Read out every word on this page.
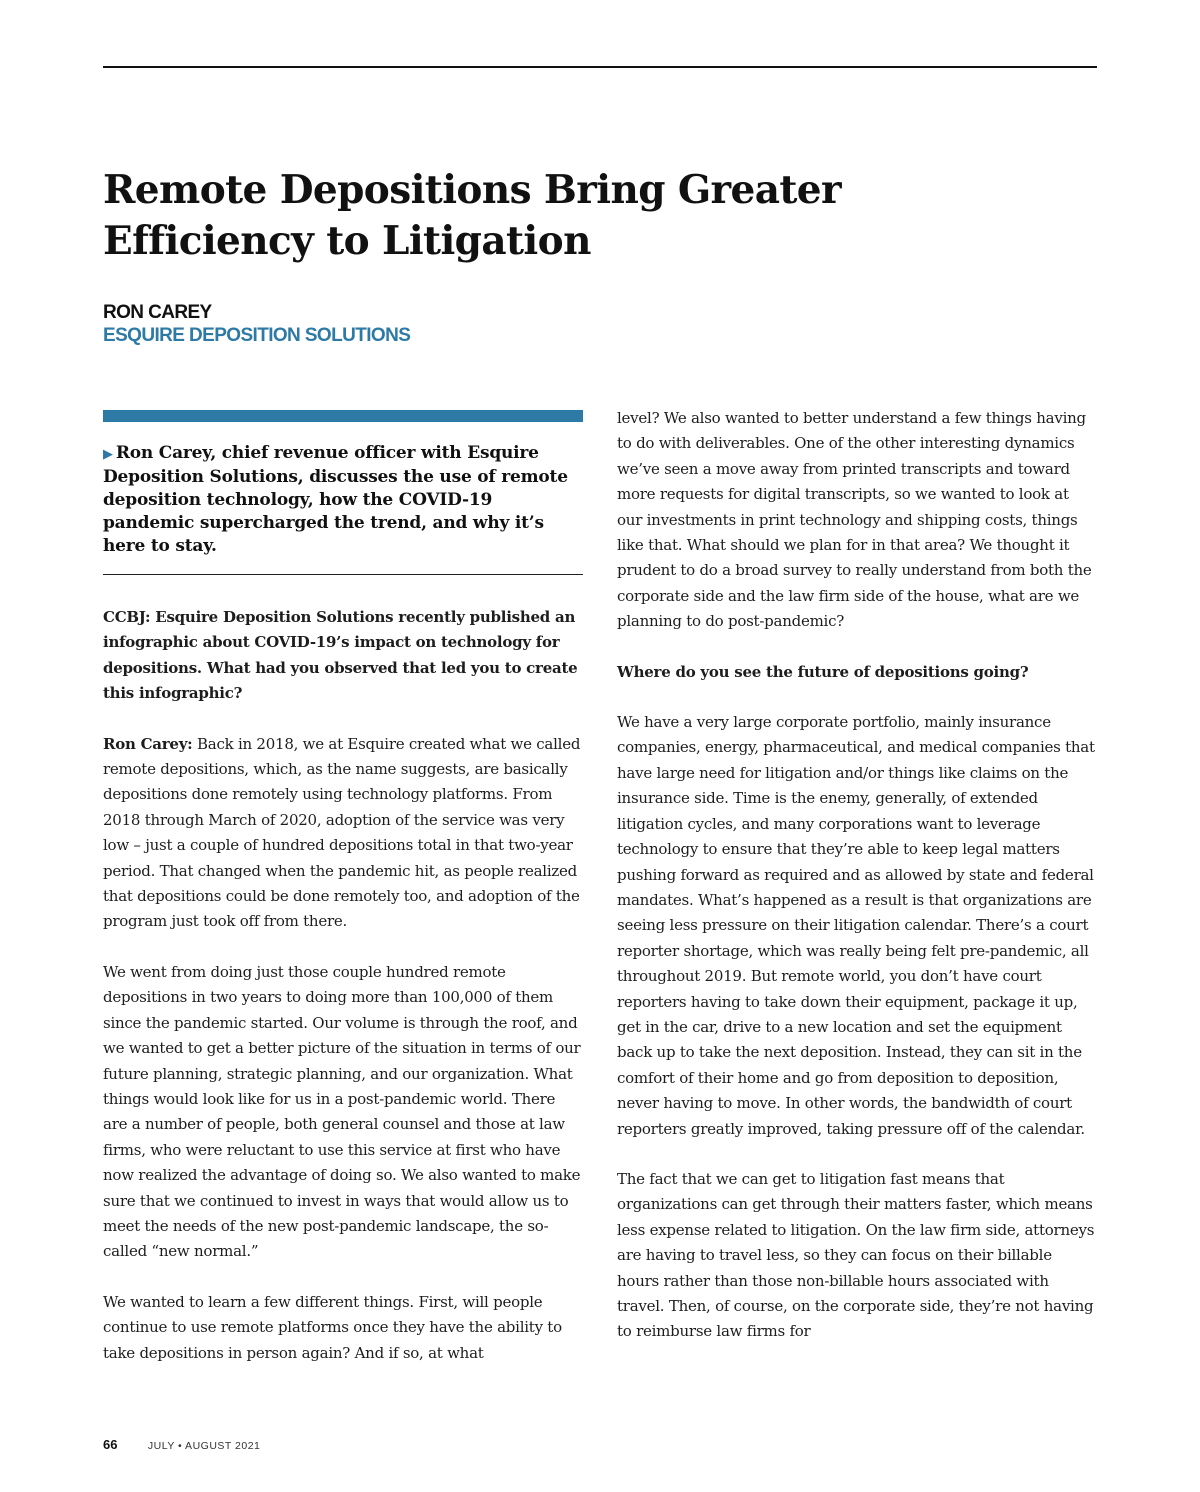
Remote Depositions Bring Greater Efficiency to Litigation
RON CAREY
ESQUIRE DEPOSITION SOLUTIONS
▶ Ron Carey, chief revenue officer with Esquire Deposition Solutions, discusses the use of remote deposition technology, how the COVID-19 pandemic supercharged the trend, and why it’s here to stay.

CCBJ: Esquire Deposition Solutions recently published an infographic about COVID-19’s impact on technology for depositions. What had you observed that led you to create this infographic?

Ron Carey: Back in 2018, we at Esquire created what we called remote depositions, which, as the name suggests, are basically depositions done remotely using technology platforms. From 2018 through March of 2020, adoption of the service was very low – just a couple of hundred depositions total in that two-year period. That changed when the pandemic hit, as people realized that depositions could be done remotely too, and adoption of the program just took off from there.

We went from doing just those couple hundred remote depositions in two years to doing more than 100,000 of them since the pandemic started. Our volume is through the roof, and we wanted to get a better picture of the situation in terms of our future planning, strategic planning, and our organization. What things would look like for us in a post-pandemic world. There are a number of people, both general counsel and those at law firms, who were reluctant to use this service at first who have now realized the advantage of doing so. We also wanted to make sure that we continued to invest in ways that would allow us to meet the needs of the new post-pandemic landscape, the so-called “new normal.”

We wanted to learn a few different things. First, will people continue to use remote platforms once they have the ability to take depositions in person again? And if so, at what

level? We also wanted to better understand a few things having to do with deliverables. One of the other interesting dynamics we’ve seen a move away from printed transcripts and toward more requests for digital transcripts, so we wanted to look at our investments in print technology and shipping costs, things like that. What should we plan for in that area? We thought it prudent to do a broad survey to really understand from both the corporate side and the law firm side of the house, what are we planning to do post-pandemic?

Where do you see the future of depositions going?

We have a very large corporate portfolio, mainly insurance companies, energy, pharmaceutical, and medical companies that have large need for litigation and/or things like claims on the insurance side. Time is the enemy, generally, of extended litigation cycles, and many corporations want to leverage technology to ensure that they’re able to keep legal matters pushing forward as required and as allowed by state and federal mandates. What’s happened as a result is that organizations are seeing less pressure on their litigation calendar. There’s a court reporter shortage, which was really being felt pre-pandemic, all throughout 2019. But remote world, you don’t have court reporters having to take down their equipment, package it up, get in the car, drive to a new location and set the equipment back up to take the next deposition. Instead, they can sit in the comfort of their home and go from deposition to deposition, never having to move. In other words, the bandwidth of court reporters greatly improved, taking pressure off of the calendar.

The fact that we can get to litigation fast means that organizations can get through their matters faster, which means less expense related to litigation. On the law firm side, attorneys are having to travel less, so they can focus on their billable hours rather than those non-billable hours associated with travel. Then, of course, on the corporate side, they’re not having to reimburse law firms for

66	JULY • AUGUST 2021
